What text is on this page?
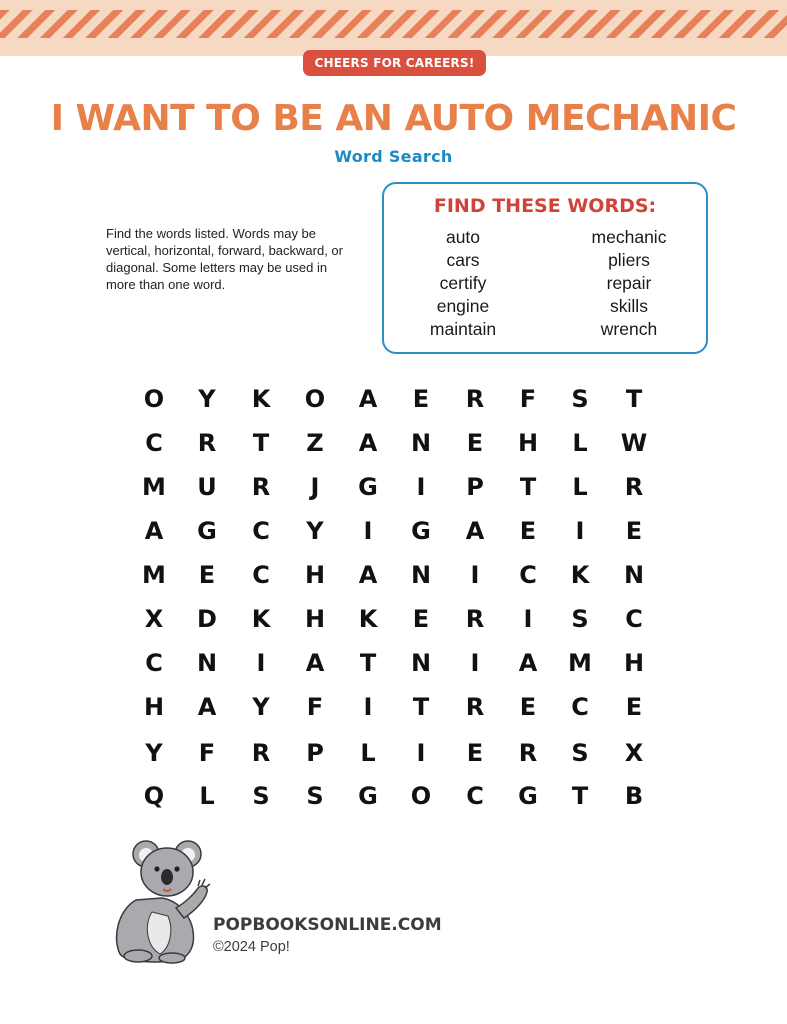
CHEERS FOR CAREERS!
I WANT TO BE AN AUTO MECHANIC
Word Search
Find the words listed. Words may be vertical, horizontal, forward, backward, or diagonal. Some letters may be used in more than one word.
FIND THESE WORDS:
auto
cars
certify
engine
maintain
mechanic
pliers
repair
skills
wrench
O	Y	K	O	A	E	R	F	S	T
C	R	T	Z	A	N	E	H	L	W
M	U	R	J	G	I	P	T	L	R
A	G	C	Y	I	G	A	E	I	E
M	E	C	H	A	N	I	C	K	N
X	D	K	H	K	E	R	I	S	C
C	N	I	A	T	N	I	A	M	H
H	A	Y	F	I	T	R	E	C	E
Y	F	R	P	L	I	E	R	S	X
Q	L	S	S	G	O	C	G	T	B
POPBOOKSONLINE.COM
©2024 Pop!
